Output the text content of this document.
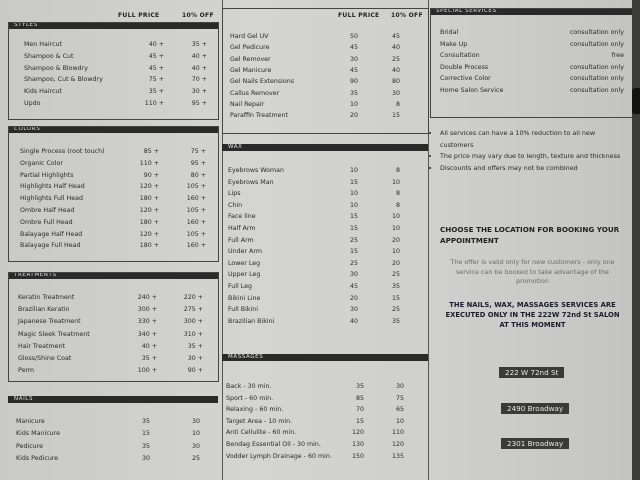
FULL PRICE	10% OFF
STYLES
Men Haircut	40 +	35 +
Shampoo & Cut	45 +	40 +
Shampoo & Blowdry	45 +	40 +
Shampoo, Cut & Blowdry	75 +	70 +
Kids Haircut	35 +	30 +
Updo	110 +	95 +
COLORS
Single Process (root touch)	85 +	75 +
Organic Color	110 +	95 +
Partial Highlights	90 +	80 +
Highlights Half Head	120 +	105 +
Highlights Full Head	180 +	160 +
Ombre Half Head	120 +	105 +
Ombre Full Head	180 +	160 +
Balayage Half Head	120 +	105 +
Balayage Full Head	180 +	160 +
TREATMENTS
Keratin Treatment	240 +	220 +
Brazilian Keratin	300 +	275 +
Japanese Treatment	330 +	300 +
Magic Sleek Treatment	340 +	310 +
Hair Treatment	40 +	35 +
Gloss/Shine Coat	35 +	30 +
Perm	100 +	90 +
NAILS
Manicure	35	30
Kids Manicure	15	10
Pedicure	35	30
Kids Pedicure	30	25
FULL PRICE 10% OFF
Hard Gel UV	50	45
Gel Pedicure	45	40
Gel Remover	30	25
Gel Manicure	45	40
Gel Nails Extensions	90	80
Callus Remover	35	30
Nail Repair	10	8
Paraffin Treatment	20	15
WAX
Eyebrows Woman	10	8
Eyebrows Man	15	10
Lips	10	8
Chin	10	8
Face line	15	10
Half Arm	15	10
Full Arm	25	20
Under Arm	15	10
Lower Leg	25	20
Upper Leg	30	25
Full Leg	45	35
Bikini Line	20	15
Full Bikini	30	25
Brazilian Bikini	40	35
MASSAGES
Back - 30 min.	35	30
Sport - 60 min.	85	75
Relaxing - 60 min.	70	65
Target Area - 10 min.	15	10
Anti Cellulite - 60 min.	120	110
Bendag Essential Oil - 30 min.	130	120
Vodder Lymph Drainage - 60 min.	150	135
SPECIAL SERVICES
Bridal	consultation only
Make Up	consultation only
Consultation	free
Double Process	consultation only
Corrective Color	consultation only
Home Salon Service	consultation only
• All services can have a 10% reduction to all new customers
• The price may vary due to length, texture and thickness
• Discounts and offers may not be combined
CHOOSE THE LOCATION FOR BOOKING YOUR APPOINTMENT
The offer is valid only for new customers - only one service can be booked to take advantage of the promotion
THE NAILS, WAX, MASSAGES SERVICES ARE EXECUTED ONLY IN THE 222W 72nd St SALON AT THIS MOMENT
222 W 72nd St
2490 Broadway
2301 Broadway
